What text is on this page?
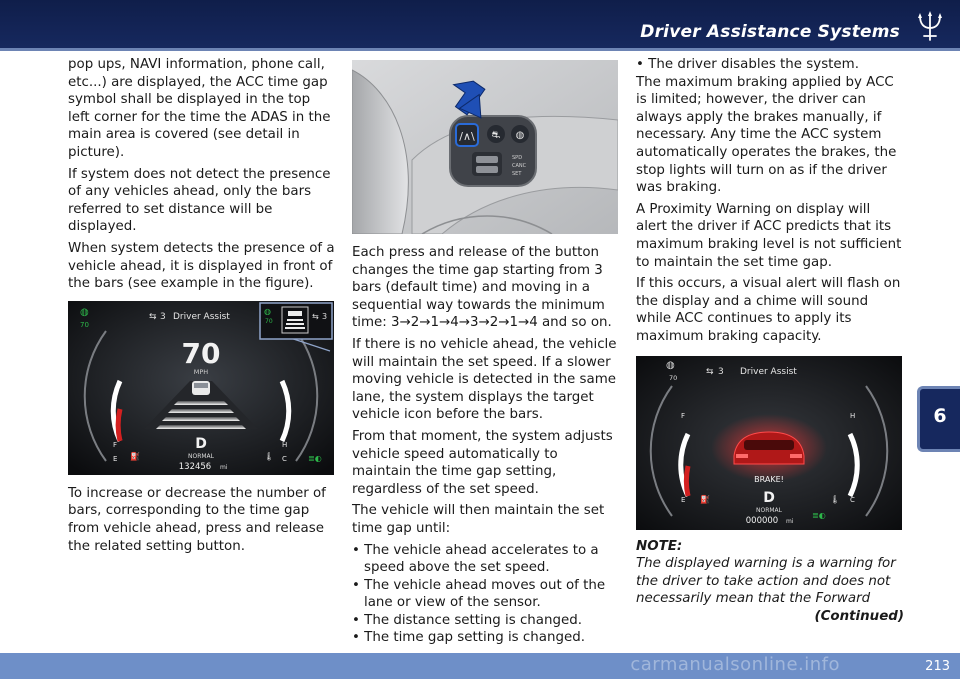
Driver Assistance Systems

pop ups, NAVI information, phone call, etc...) are displayed, the ACC time gap symbol shall be displayed in the top left corner for the time the ADAS in the main area is covered (see detail in picture).

If system does not detect the presence of any vehicles ahead, only the bars referred to set distance will be displayed.

When system detects the presence of a vehicle ahead, it is displayed in front of the bars (see example in the figure).

⇆ 3 Driver Assist
◍
70
◍
70
⇆ 3
70
MPH
F
E ⛽
H
C
🌡	≣◐
D
NORMAL
132456 mi

To increase or decrease the number of bars, corresponding to the time gap from vehicle ahead, press and release the related setting button.

/∧\ ⛐ ◍
SPD
CANC
SET

Each press and release of the button changes the time gap starting from 3 bars (default time) and moving in a sequential way towards the minimum time: 3→2→1→4→3→2→1→4 and so on.

If there is no vehicle ahead, the vehicle will maintain the set speed. If a slower moving vehicle is detected in the same lane, the system displays the target vehicle icon before the bars.

From that moment, the system adjusts vehicle speed automatically to maintain the time gap setting, regardless of the set speed.

The vehicle will then maintain the set time gap until:

• The vehicle ahead accelerates to a speed above the set speed.

• The vehicle ahead moves out of the lane or view of the sensor.

• The distance setting is changed.

• The time gap setting is changed.

• The driver disables the system.

The maximum braking applied by ACC is limited; however, the driver can always apply the brakes manually, if necessary. Any time the ACC system automatically operates the brakes, the stop lights will turn on as if the driver was braking.

A Proximity Warning on display will alert the driver if ACC predicts that its maximum braking level is not sufficient to maintain the set time gap.

If this occurs, a visual alert will flash on the display and a chime will sound while ACC continues to apply its maximum braking capacity.

◍
70
⇆ 3 Driver Assist
BRAKE!
F
E ⛽
H
C
🌡
≣◐
D
NORMAL
000000 mi

NOTE:

The displayed warning is a warning for the driver to take action and does not necessarily mean that the Forward

(Continued)

6
carmanualsonline.info	213
